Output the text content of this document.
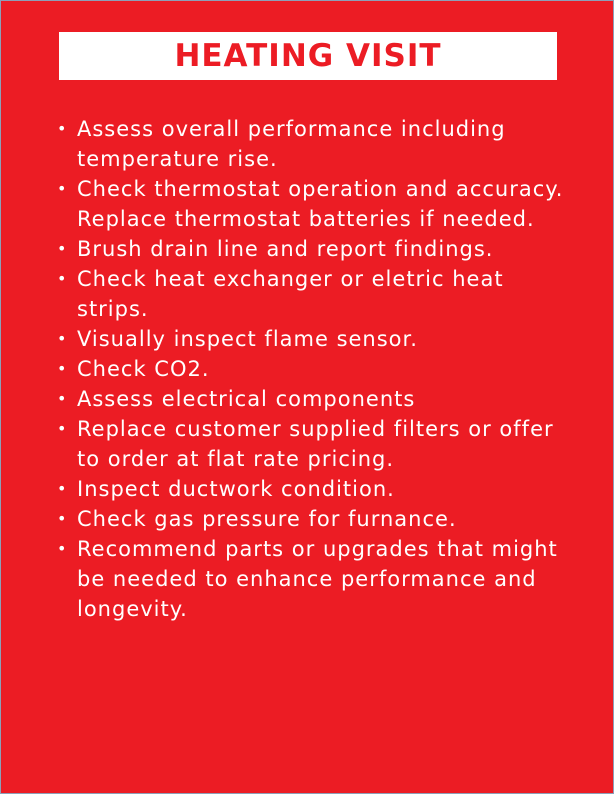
HEATING VISIT
• Assess overall performance including temperature rise.
• Check thermostat operation and accuracy. Replace thermostat batteries if needed.
• Brush drain line and report findings.
• Check heat exchanger or eletric heat strips.
• Visually inspect flame sensor.
• Check CO2.
• Assess electrical components
• Replace customer supplied filters or offer to order at flat rate pricing.
• Inspect ductwork condition.
• Check gas pressure for furnance.
• Recommend parts or upgrades that might be needed to enhance performance and longevity.
